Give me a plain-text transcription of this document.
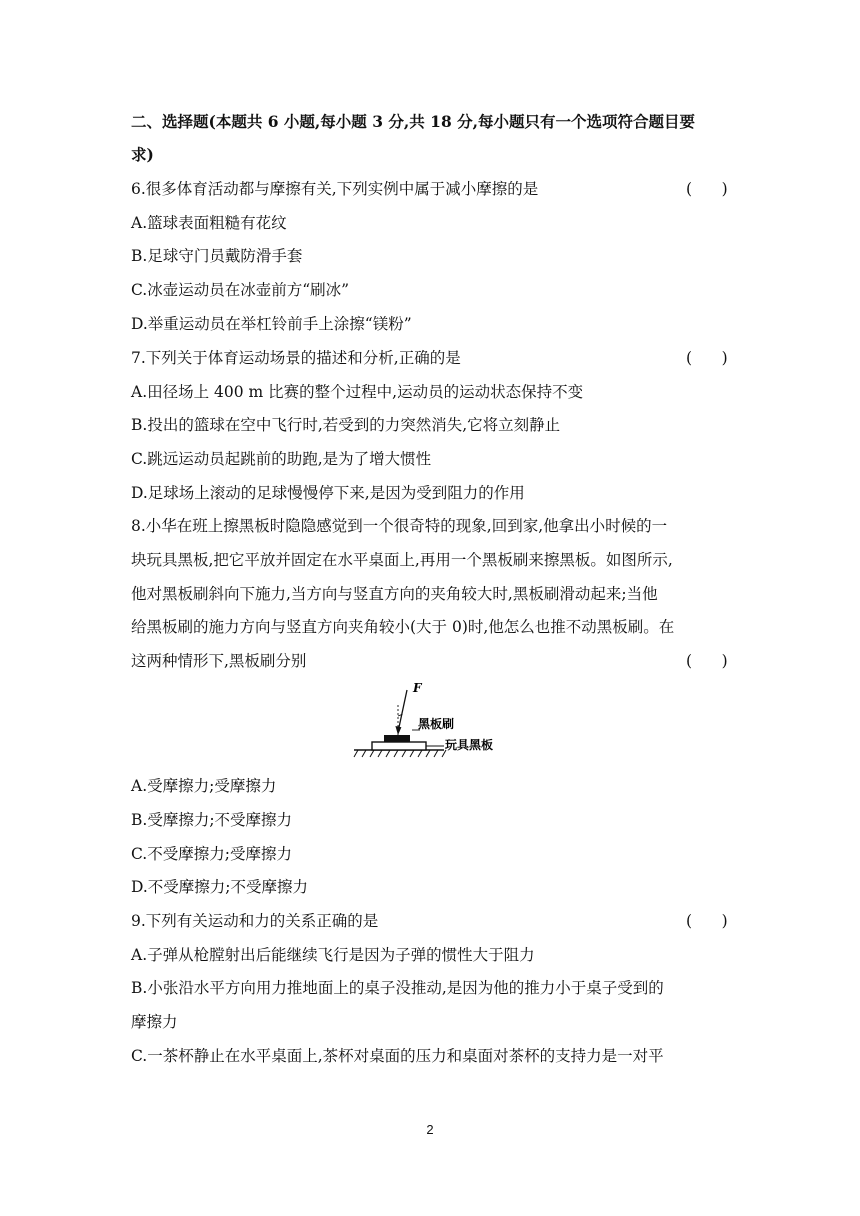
二、选择题(本题共 6 小题,每小题 3 分,共 18 分,每小题只有一个选项符合题目要
求)
6.很多体育活动都与摩擦有关,下列实例中属于减小摩擦的是	(      )
A.篮球表面粗糙有花纹
B.足球守门员戴防滑手套
C.冰壶运动员在冰壶前方“刷冰”
D.举重运动员在举杠铃前手上涂擦“镁粉”
7.下列关于体育运动场景的描述和分析,正确的是	(      )
A.田径场上 400 m 比赛的整个过程中,运动员的运动状态保持不变
B.投出的篮球在空中飞行时,若受到的力突然消失,它将立刻静止
C.跳远运动员起跳前的助跑,是为了增大惯性
D.足球场上滚动的足球慢慢停下来,是因为受到阻力的作用
8.小华在班上擦黑板时隐隐感觉到一个很奇特的现象,回到家,他拿出小时候的一
块玩具黑板,把它平放并固定在水平桌面上,再用一个黑板刷来擦黑板。如图所示,
他对黑板刷斜向下施力,当方向与竖直方向的夹角较大时,黑板刷滑动起来;当他
给黑板刷的施力方向与竖直方向夹角较小(大于 0)时,他怎么也推不动黑板刷。在
这两种情形下,黑板刷分别	(      )
F
黑板刷
玩具黑板
A.受摩擦力;受摩擦力
B.受摩擦力;不受摩擦力
C.不受摩擦力;受摩擦力
D.不受摩擦力;不受摩擦力
9.下列有关运动和力的关系正确的是	(      )
A.子弹从枪膛射出后能继续飞行是因为子弹的惯性大于阻力
B.小张沿水平方向用力推地面上的桌子没推动,是因为他的推力小于桌子受到的
摩擦力
C.一茶杯静止在水平桌面上,茶杯对桌面的压力和桌面对茶杯的支持力是一对平
2
